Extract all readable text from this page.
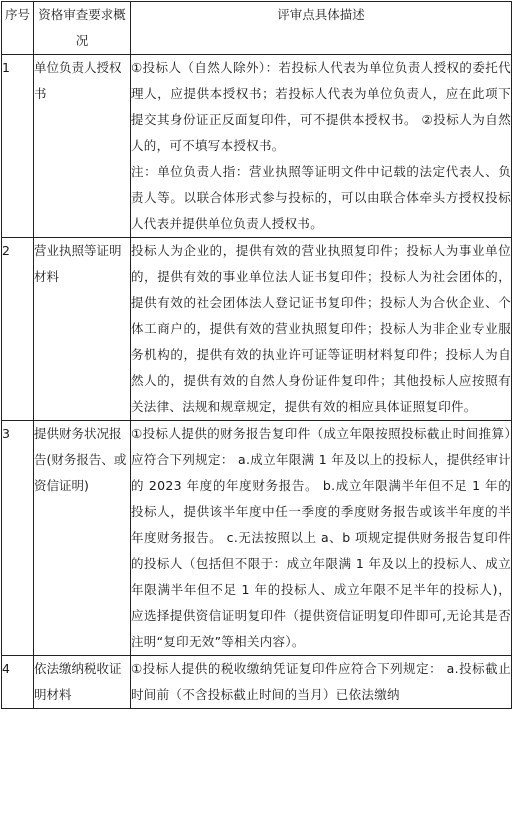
序号	资格审查要求概况	评审点具体描述
1	单位负责人授权书	①投标人（自然人除外）：若投标人代表为单位负责人授权的委托代理人，应提供本授权书；若投标人代表为单位负责人，应在此项下提交其身份证正反面复印件，可不提供本授权书。 ②投标人为自然人的，可不填写本授权书。
注：单位负责人指：营业执照等证明文件中记载的法定代表人、负责人等。以联合体形式参与投标的，可以由联合体牵头方授权投标人代表并提供单位负责人授权书。

2	营业执照等证明材料	投标人为企业的，提供有效的营业执照复印件；投标人为事业单位的，提供有效的事业单位法人证书复印件；投标人为社会团体的，提供有效的社会团体法人登记证书复印件；投标人为合伙企业、个体工商户的，提供有效的营业执照复印件；投标人为非企业专业服务机构的，提供有效的执业许可证等证明材料复印件；投标人为自然人的，提供有效的自然人身份证件复印件；其他投标人应按照有关法律、法规和规章规定，提供有效的相应具体证照复印件。

3	提供财务状况报告(财务报告、或资信证明)	①投标人提供的财务报告复印件（成立年限按照投标截止时间推算）应符合下列规定： a.成立年限满 1 年及以上的投标人，提供经审计的 2023 年度的年度财务报告。 b.成立年限满半年但不足 1 年的投标人，提供该半年度中任一季度的季度财务报告或该半年度的半年度财务报告。 c.无法按照以上 a、b 项规定提供财务报告复印件的投标人（包括但不限于：成立年限满 1 年及以上的投标人、成立年限满半年但不足 1 年的投标人、成立年限不足半年的投标人)，应选择提供资信证明复印件（提供资信证明复印件即可,无论其是否注明“复印无效”等相关内容）。

4	依法缴纳税收证明材料	①投标人提供的税收缴纳凭证复印件应符合下列规定： a.投标截止时间前（不含投标截止时间的当月）已依法缴纳
